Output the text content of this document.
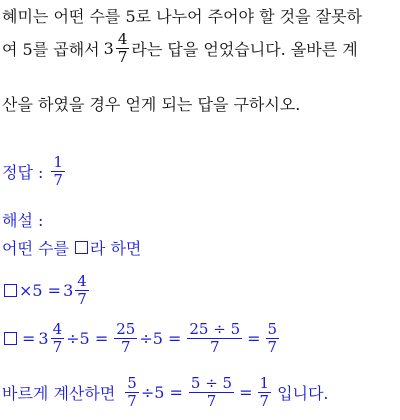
혜미는 어떤 수를 5로 나누어 주어야 할 것을 잘못하
여 5를 곱해서 $3 \frac{4}{7}$ 라는 답을 얻었습니다. 올바른 계
산을 하였을 경우 얻게 되는 답을 구하시오.
정답 : $\frac{1}{7}$
해설 :
어떤 수를 라 하면
$\times 5 = 3 \frac{4}{7}$
= $3 \frac{4}{7} \div 5 = \frac{25}{7} \div 5 = \frac{25 \div 5}{7} = \frac{5}{7}$
바르게 계산하면 $\frac{5}{7} \div 5 = \frac{5 \div 5}{7} = \frac{1}{7}$ 입니다.
